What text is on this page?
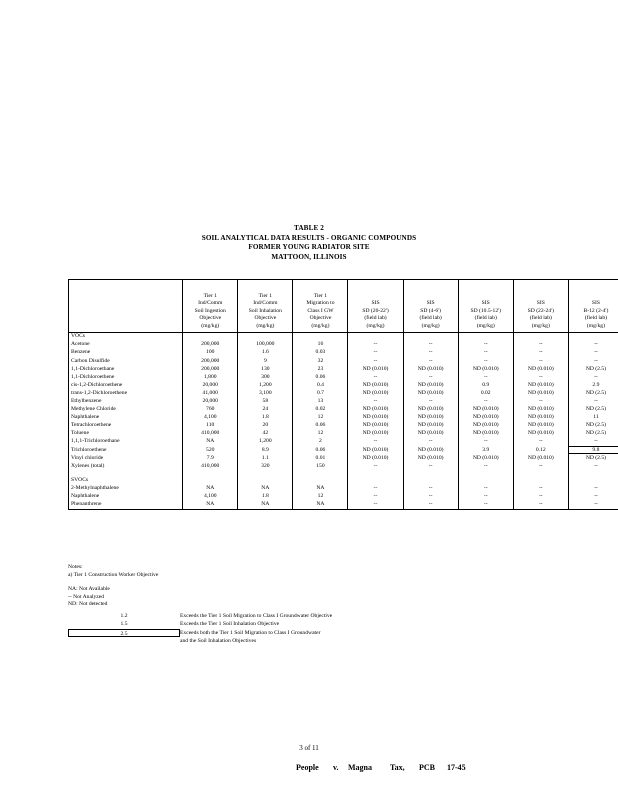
TABLE 2
SOIL ANALYTICAL DATA RESULTS - ORGANIC COMPOUNDS
FORMER YOUNG RADIATOR SITE
MATTOON, ILLINOIS

	Tier 1
Ind/Comm
Soil Ingestion
Objective
(mg/kg)	Tier 1
Ind/Comm
Soil Inhalation
Objective
(mg/kg)	Tier 1
Migration to
Class I GW
Objective
(mg/kg)	SIS
SD (20-22')
(field lab)
(mg/kg)	SIS
SD (4-6')
(field lab)
(mg/kg)	SIS
SD (10.5-12')
(field lab)
(mg/kg)	SIS
SD (22-24')
(field lab)
(mg/kg)	SIS
B-12 (2-4')
(field lab)
(mg/kg)

VOCs								
Acetone	200,000	100,000	16	--	--	--	--	--
Benzene	100	1.6	0.03	--	--	--	--	--
Carbon Disulfide	200,000	9	32	--	--	--	--	--
1,1-Dichloroethane	200,000	130	23	ND (0.010)	ND (0.010)	ND (0.010)	ND (0.010)	ND (2.5)
1,1-Dichloroethene	1,800	300	0.06	--	--	--	--	--
cis-1,2-Dichloroethene	20,000	1,200	0.4	ND (0.010)	ND (0.010)	0.9	ND (0.010)	2.9
trans-1,2-Dichloroethene	41,000	3,100	0.7	ND (0.010)	ND (0.010)	0.02	ND (0.010)	ND (2.5)
Ethylbenzene	20,000	58	13	--	--	--	--	--
Methylene Chloride	760	24	0.02	ND (0.010)	ND (0.010)	ND (0.010)	ND (0.010)	ND (2.5)
Naphthalene	4,100	1.8	12	ND (0.010)	ND (0.010)	ND (0.010)	ND (0.010)	11
Tetrachloroethene	110	20	0.06	ND (0.010)	ND (0.010)	ND (0.010)	ND (0.010)	ND (2.5)
Toluene	410,000	42	12	ND (0.010)	ND (0.010)	ND (0.010)	ND (0.010)	ND (2.5)
1,1,1-Trichloroethane	NA	1,200	2	--	--	--	--	--
Trichloroethene	520	8.9	0.06	ND (0.010)	ND (0.010)	3.9	0.12	9.8
Vinyl chloride	7.9	1.1	0.01	ND (0.010)	ND (0.010)	ND (0.010)	ND (0.010)	ND (2.5)
Xylenes (total)	410,000	320	150	--	--	--	--	--

SVOCs								
2-Methylnaphthalene	NA	NA	NA	--	--	--	--	--
Naphthalene	4,100	1.8	12	--	--	--	--	--
Phenanthrene	NA	NA	NA	--	--	--	--	--
Notes:
a) Tier 1 Construction Worker Objective
NA: Not Available
-- Not Analyzed
ND: Not detected
1.2	Exceeds the Tier 1 Soil Migration to Class I Groundwater Objective
1.5	Exceeds the Tier 1 Soil Inhalation Objective
2.5	Exceeds both the Tier 1 Soil Migration to Class I Groundwater
and the Soil Inhalation Objectives
3 of 11
People v. Magna Tax, PCB 17-45
